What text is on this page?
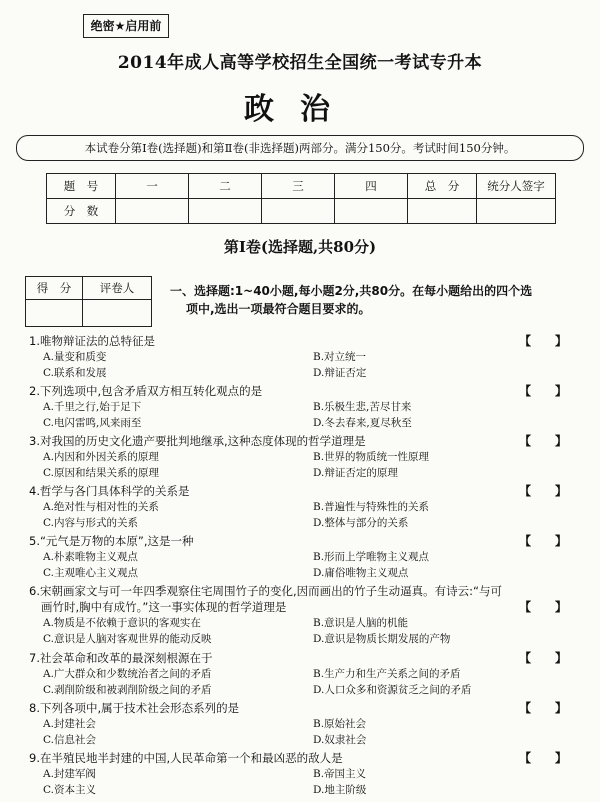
绝密★启用前
2014年成人高等学校招生全国统一考试专升本
政治
本试卷分第Ⅰ卷(选择题)和第Ⅱ卷(非选择题)两部分。满分150分。考试时间150分钟。
题　号	一	二	三	四	总　分	统分人签字
分　数						
第Ⅰ卷(选择题,共80分)
得　分	评卷人
		一、选择题:1~40小题,每小题2分,共80分。在每小题给出的四个选
项中,选出一项最符合题目要求的。
1.唯物辩证法的总特征是	【　　】
A.量变和质变	B.对立统一
C.联系和发展	D.辩证否定
2.下列选项中,包含矛盾双方相互转化观点的是	【　　】
A.千里之行,始于足下	B.乐极生悲,苦尽甘来
C.电闪雷鸣,风来雨至	D.冬去春来,夏尽秋至
3.对我国的历史文化遗产要批判地继承,这种态度体现的哲学道理是	【　　】
A.内因和外因关系的原理	B.世界的物质统一性原理
C.原因和结果关系的原理	D.辩证否定的原理
4.哲学与各门具体科学的关系是	【　　】
A.绝对性与相对性的关系	B.普遍性与特殊性的关系
C.内容与形式的关系	D.整体与部分的关系
5.“元气是万物的本原”,这是一种	【　　】
A.朴素唯物主义观点	B.形而上学唯物主义观点
C.主观唯心主义观点	D.庸俗唯物主义观点
6.宋朝画家文与可一年四季观察住宅周围竹子的变化,因而画出的竹子生动逼真。有诗云:“与可
画竹时,胸中有成竹。”这一事实体现的哲学道理是	【　　】
A.物质是不依赖于意识的客观实在	B.意识是人脑的机能
C.意识是人脑对客观世界的能动反映	D.意识是物质长期发展的产物
7.社会革命和改革的最深刻根源在于	【　　】
A.广大群众和少数统治者之间的矛盾	B.生产力和生产关系之间的矛盾
C.剥削阶级和被剥削阶级之间的矛盾	D.人口众多和资源贫乏之间的矛盾
8.下列各项中,属于技术社会形态系列的是	【　　】
A.封建社会	B.原始社会
C.信息社会	D.奴隶社会
9.在半殖民地半封建的中国,人民革命第一个和最凶恶的敌人是	【　　】
A.封建军阀	B.帝国主义
C.资本主义	D.地主阶级
